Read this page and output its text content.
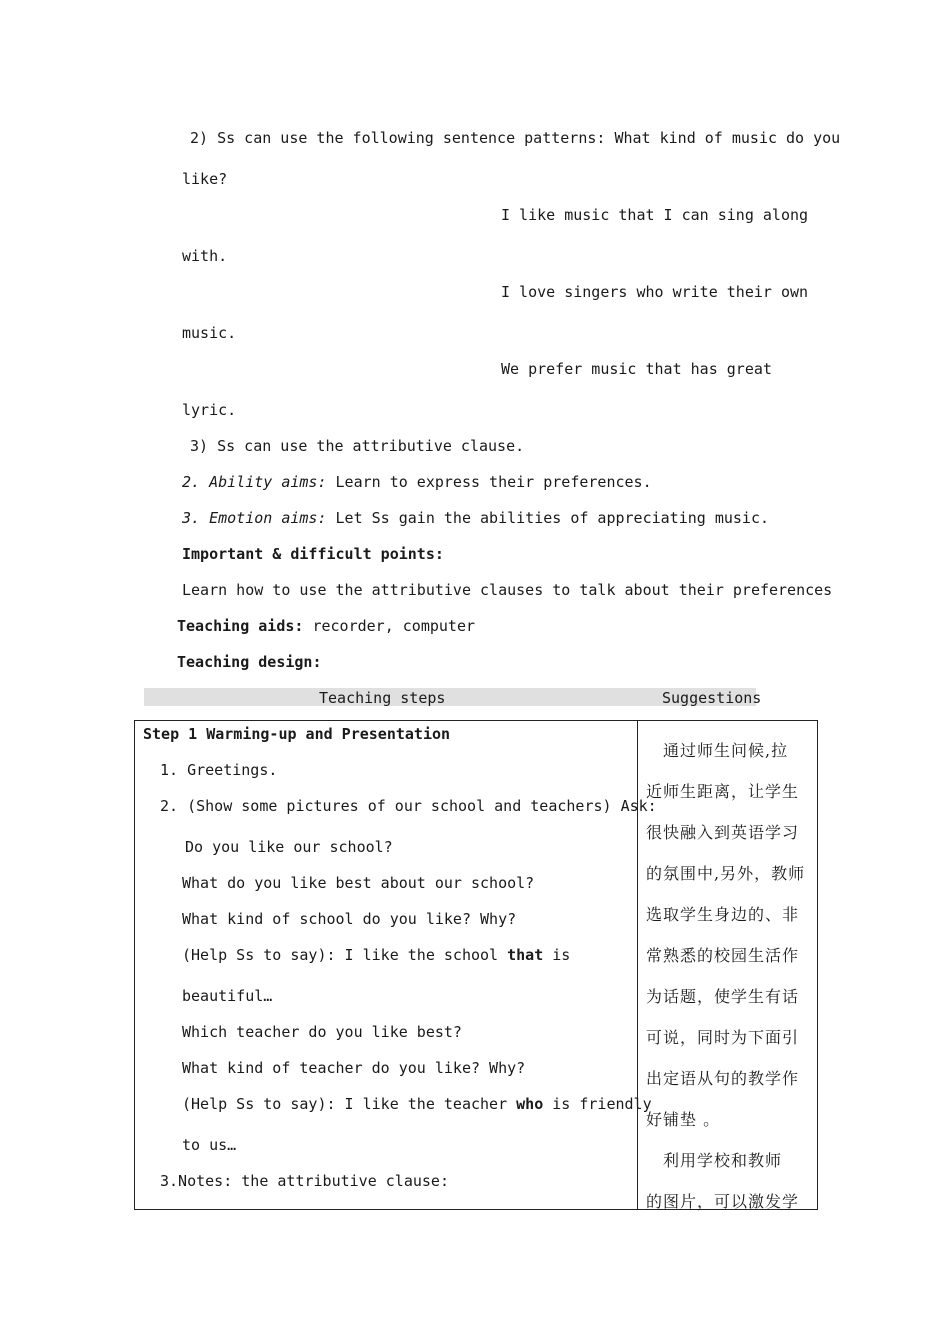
2) Ss can use the following sentence patterns: What kind of music do you
like?
I like music that I can sing along
with.
I love singers who write their own
music.
We prefer music that has great
lyric.
3) Ss can use the attributive clause.
2. Ability aims: Learn to express their preferences.
3. Emotion aims: Let Ss gain the abilities of appreciating music.
Important & difficult points:
Learn how to use the attributive clauses to talk about their preferences
Teaching aids: recorder, computer
Teaching design:
Teaching steps	Suggestions
Step 1 Warming-up and Presentation
1. Greetings.
2. (Show some pictures of our school and teachers) Ask:
Do you like our school?
What do you like best about our school?
What kind of school do you like? Why?
(Help Ss to say): I like the school that is
beautiful…
Which teacher do you like best?
What kind of teacher do you like? Why?
(Help Ss to say): I like the teacher who is friendly
to us…
3.Notes: the attributive clause:

　通过师生问候,拉

近师生距离，让学生

很快融入到英语学习

的氛围中,另外，教师

选取学生身边的、非

常熟悉的校园生活作

为话题，使学生有话

可说，同时为下面引

出定语从句的教学作

好铺垫 。

　利用学校和教师

的图片，可以激发学
